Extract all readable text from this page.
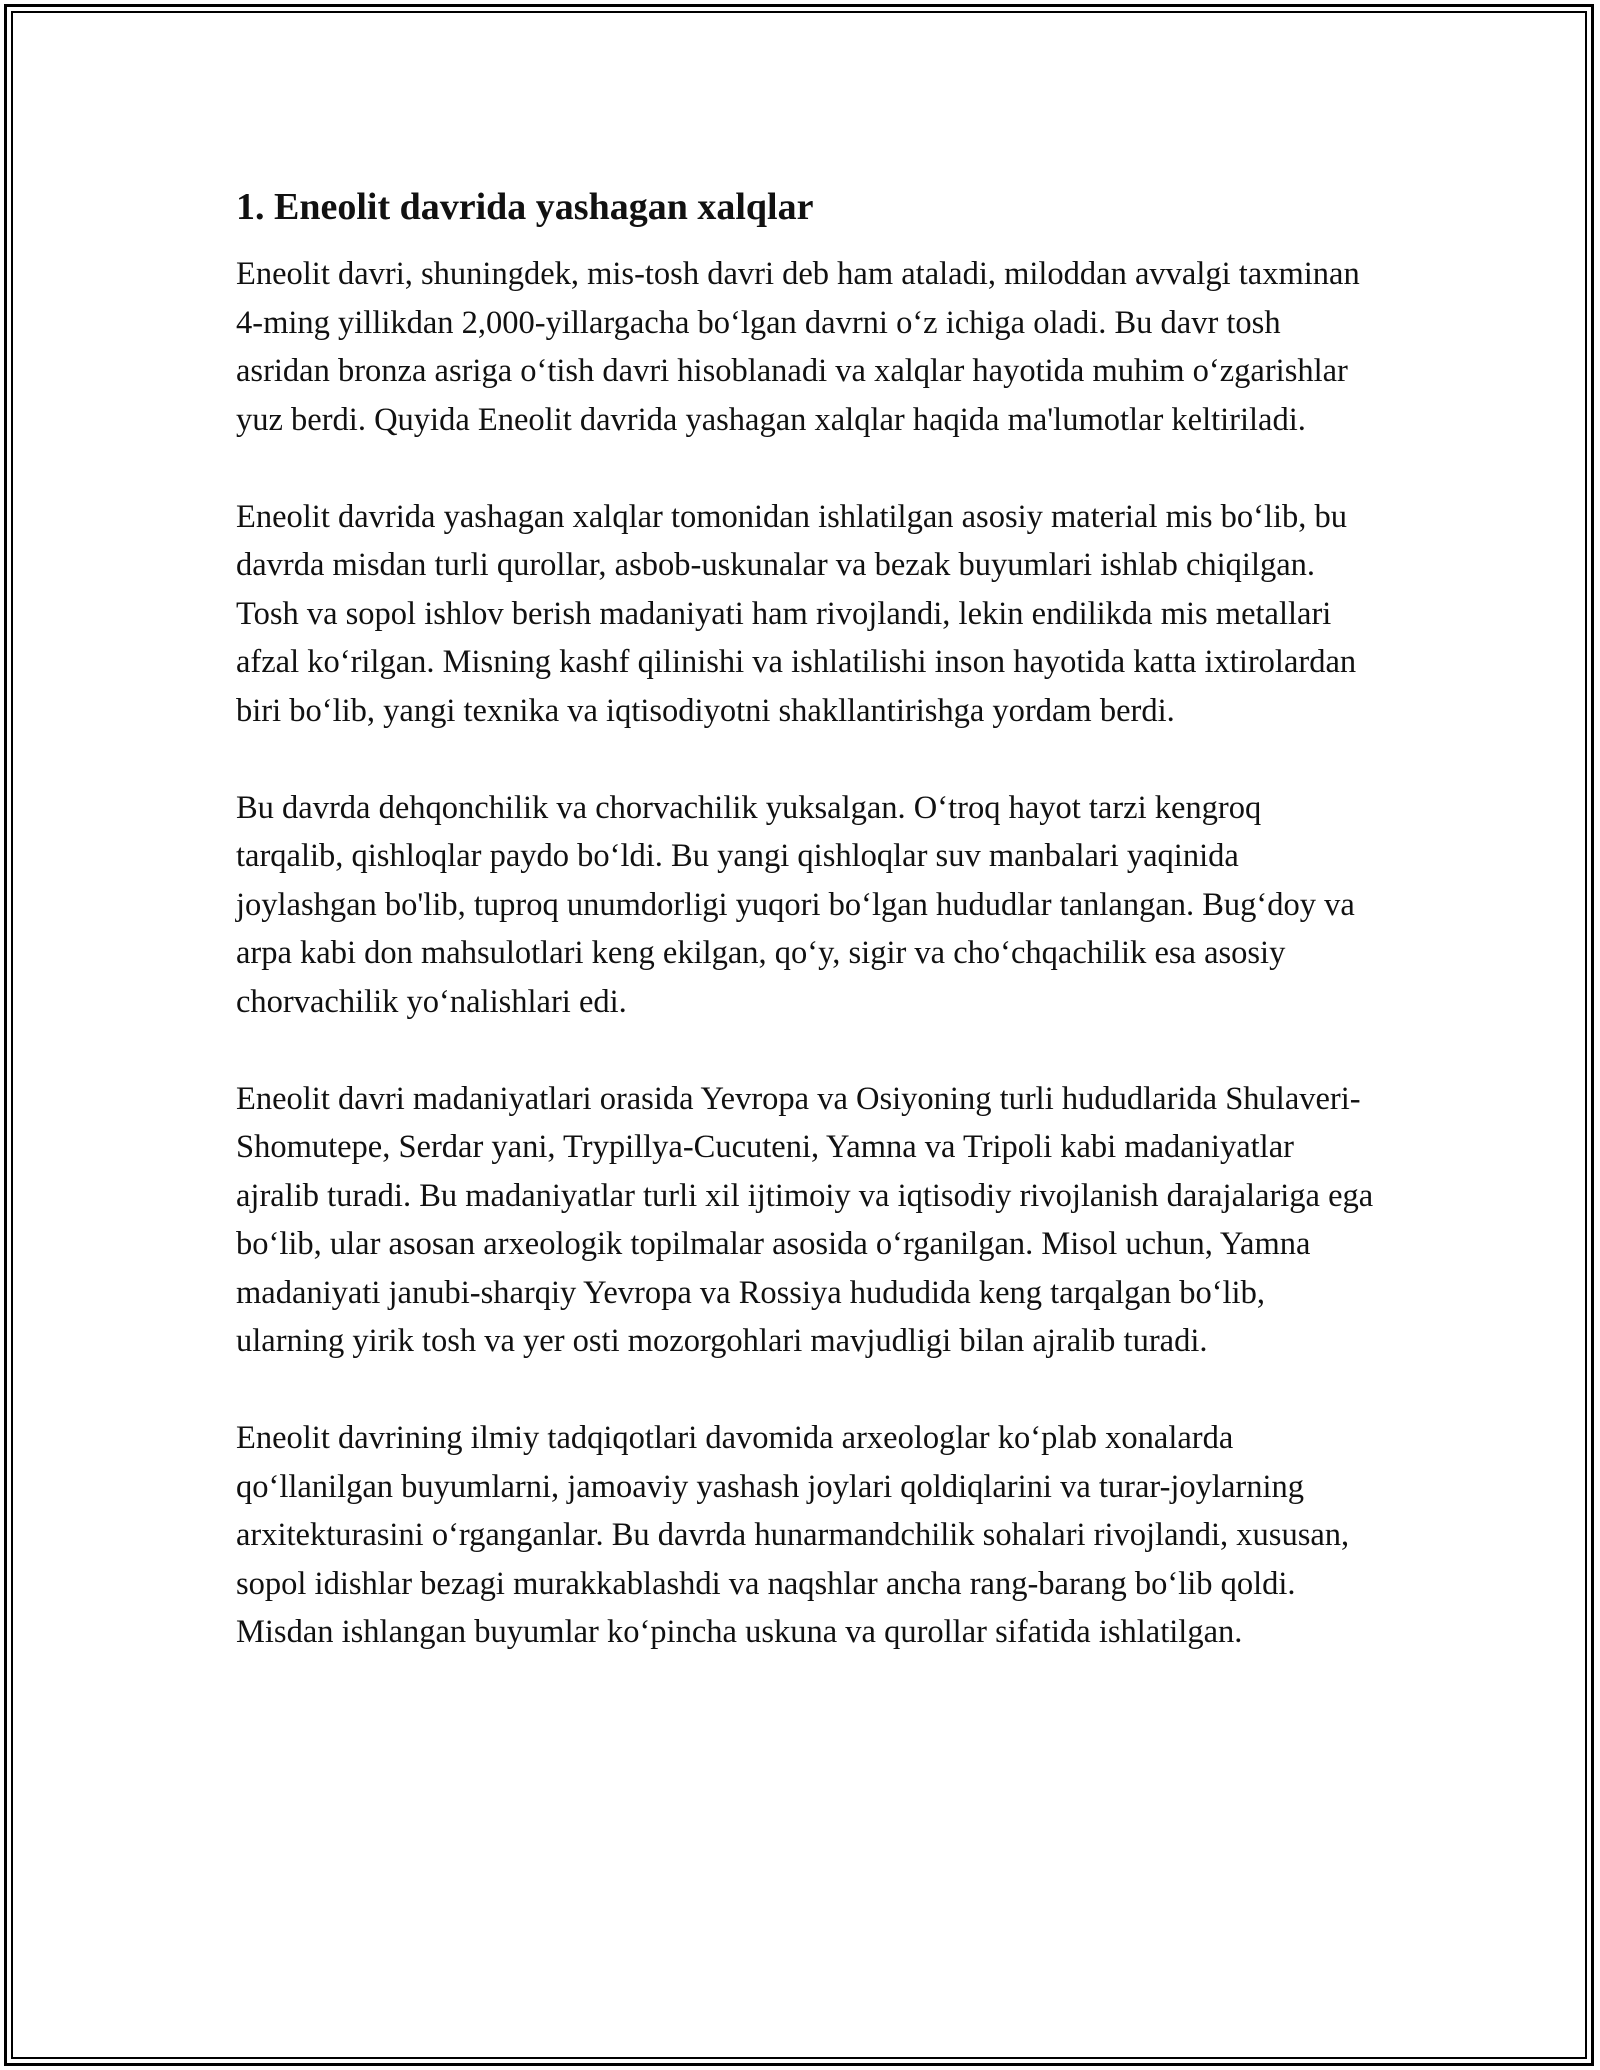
1. Eneolit davrida yashagan xalqlar

Eneolit davri, shuningdek, mis-tosh davri deb ham ataladi, miloddan avvalgi taxminan 4-ming yillikdan 2,000-yillargacha bo‘lgan davrni o‘z ichiga oladi. Bu davr tosh asridan bronza asriga o‘tish davri hisoblanadi va xalqlar hayotida muhim o‘zgarishlar yuz berdi. Quyida Eneolit davrida yashagan xalqlar haqida ma'lumotlar keltiriladi.

Eneolit davrida yashagan xalqlar tomonidan ishlatilgan asosiy material mis bo‘lib, bu davrda misdan turli qurollar, asbob-uskunalar va bezak buyumlari ishlab chiqilgan. Tosh va sopol ishlov berish madaniyati ham rivojlandi, lekin endilikda mis metallari afzal ko‘rilgan. Misning kashf qilinishi va ishlatilishi inson hayotida katta ixtirolardan biri bo‘lib, yangi texnika va iqtisodiyotni shakllantirishga yordam berdi.

Bu davrda dehqonchilik va chorvachilik yuksalgan. O‘troq hayot tarzi kengroq tarqalib, qishloqlar paydo bo‘ldi. Bu yangi qishloqlar suv manbalari yaqinida joylashgan bo'lib, tuproq unumdorligi yuqori bo‘lgan hududlar tanlangan. Bug‘doy va arpa kabi don mahsulotlari keng ekilgan, qo‘y, sigir va cho‘chqachilik esa asosiy chorvachilik yo‘nalishlari edi.

Eneolit davri madaniyatlari orasida Yevropa va Osiyoning turli hududlarida Shulaveri-Shomutepe, Serdar yani, Trypillya-Cucuteni, Yamna va Tripoli kabi madaniyatlar ajralib turadi. Bu madaniyatlar turli xil ijtimoiy va iqtisodiy rivojlanish darajalariga ega bo‘lib, ular asosan arxeologik topilmalar asosida o‘rganilgan. Misol uchun, Yamna madaniyati janubi-sharqiy Yevropa va Rossiya hududida keng tarqalgan bo‘lib, ularning yirik tosh va yer osti mozorgohlari mavjudligi bilan ajralib turadi.

Eneolit davrining ilmiy tadqiqotlari davomida arxeologlar ko‘plab xonalarda qo‘llanilgan buyumlarni, jamoaviy yashash joylari qoldiqlarini va turar-joylarning arxitekturasini o‘rganganlar. Bu davrda hunarmandchilik sohalari rivojlandi, xususan, sopol idishlar bezagi murakkablashdi va naqshlar ancha rang-barang bo‘lib qoldi. Misdan ishlangan buyumlar ko‘pincha uskuna va qurollar sifatida ishlatilgan.
